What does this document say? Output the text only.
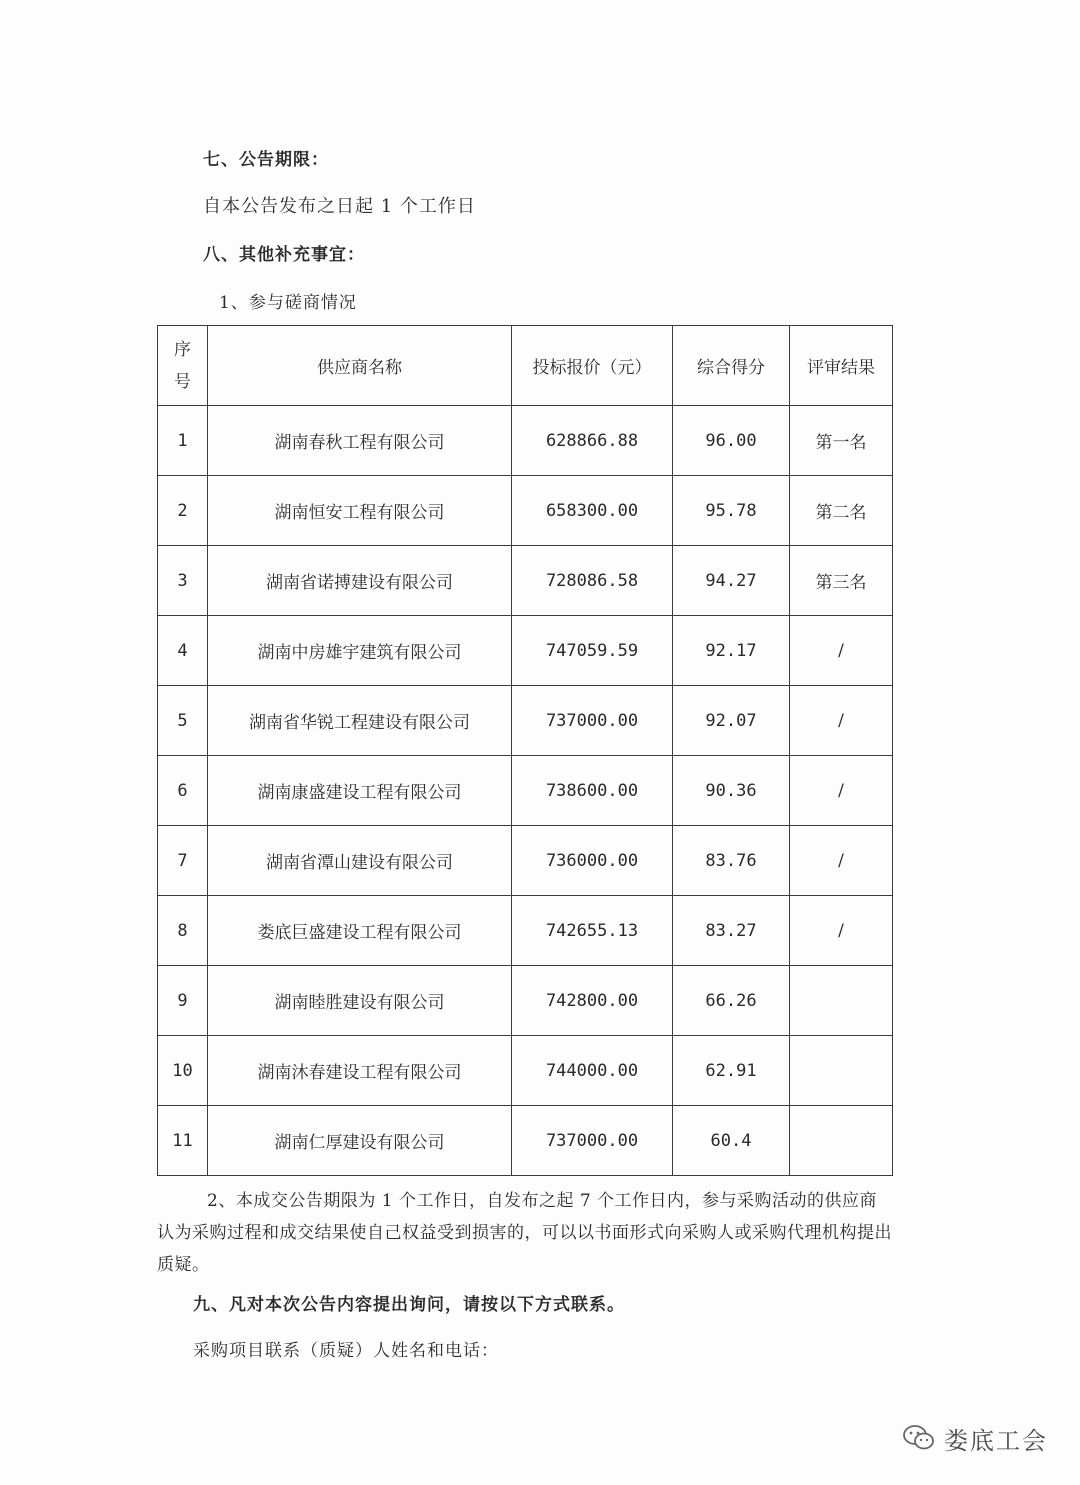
七、公告期限：
自本公告发布之日起 1 个工作日
八、其他补充事宜：
1、参与磋商情况
序
号	供应商名称	投标报价（元）	综合得分	评审结果
1	湖南春秋工程有限公司	628866.88	96.00	第一名
2	湖南恒安工程有限公司	658300.00	95.78	第二名
3	湖南省诺搏建设有限公司	728086.58	94.27	第三名
4	湖南中房雄宇建筑有限公司	747059.59	92.17	/
5	湖南省华锐工程建设有限公司	737000.00	92.07	/
6	湖南康盛建设工程有限公司	738600.00	90.36	/
7	湖南省潭山建设有限公司	736000.00	83.76	/
8	娄底巨盛建设工程有限公司	742655.13	83.27	/
9	湖南睦胜建设有限公司	742800.00	66.26	
10	湖南沐春建设工程有限公司	744000.00	62.91	
11	湖南仁厚建设有限公司	737000.00	60.4	
2、本成交公告期限为 1 个工作日，自发布之起 7 个工作日内，参与采购活动的供应商认为采购过程和成交结果使自己权益受到损害的，可以以书面形式向采购人或采购代理机构提出质疑。
九、凡对本次公告内容提出询问，请按以下方式联系。
采购项目联系（质疑）人姓名和电话：
娄底工会
